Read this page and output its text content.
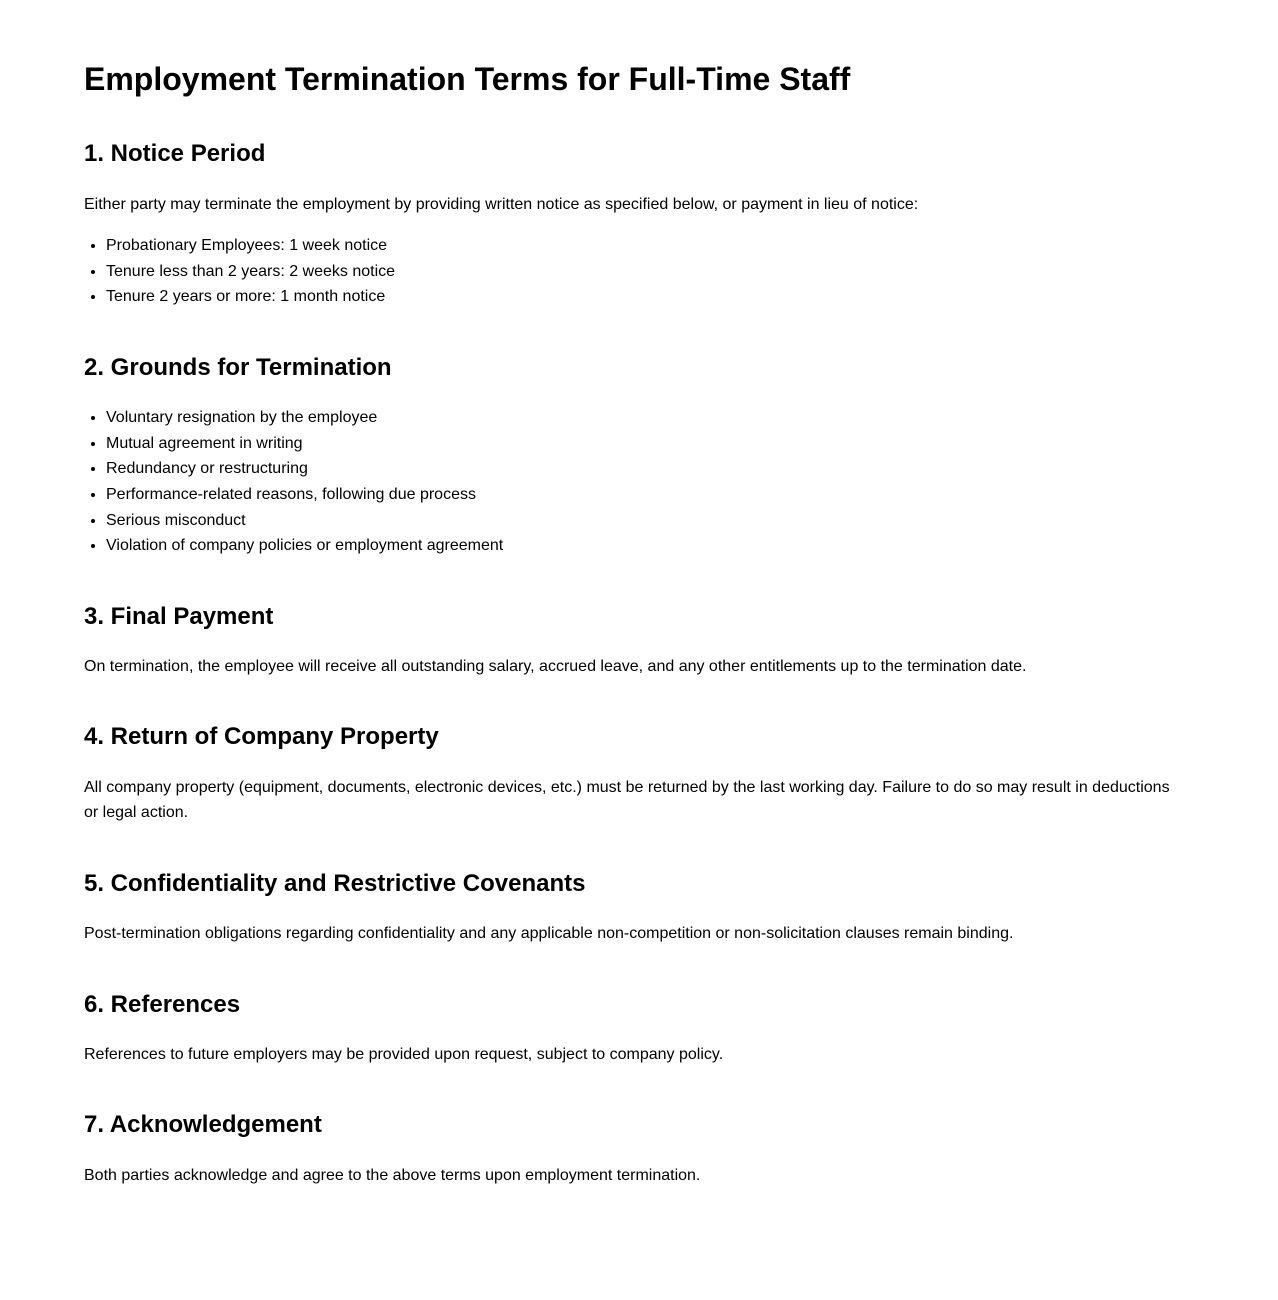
Employment Termination Terms for Full-Time Staff
1. Notice Period

Either party may terminate the employment by providing written notice as specified below, or payment in lieu of notice:

• Probationary Employees: 1 week notice
• Tenure less than 2 years: 2 weeks notice
• Tenure 2 years or more: 1 month notice
2. Grounds for Termination
• Voluntary resignation by the employee
• Mutual agreement in writing
• Redundancy or restructuring
• Performance-related reasons, following due process
• Serious misconduct
• Violation of company policies or employment agreement
3. Final Payment

On termination, the employee will receive all outstanding salary, accrued leave, and any other entitlements up to the termination date.

4. Return of Company Property

All company property (equipment, documents, electronic devices, etc.) must be returned by the last working day. Failure to do so may result in deductions or legal action.

5. Confidentiality and Restrictive Covenants

Post-termination obligations regarding confidentiality and any applicable non-competition or non-solicitation clauses remain binding.

6. References

References to future employers may be provided upon request, subject to company policy.

7. Acknowledgement

Both parties acknowledge and agree to the above terms upon employment termination.
